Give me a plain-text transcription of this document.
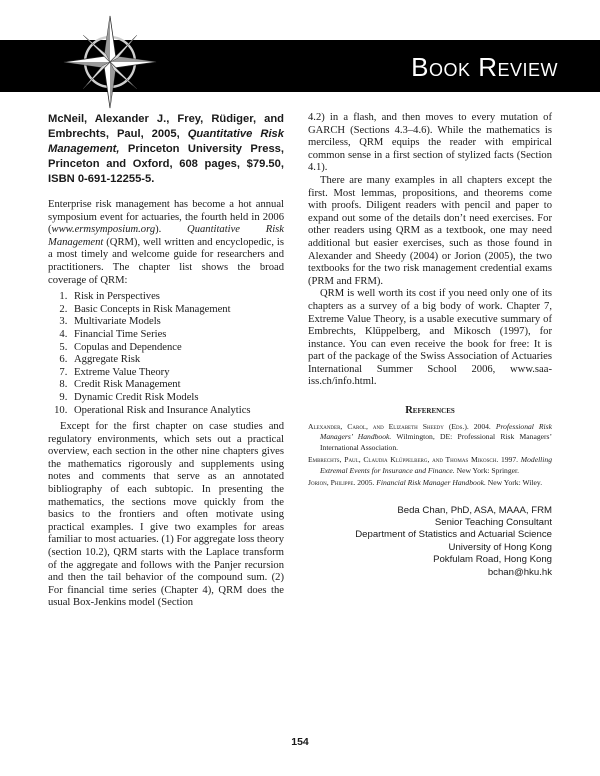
Book Review
McNeil, Alexander J., Frey, Rüdiger, and Embrechts, Paul, 2005, Quantitative Risk Management, Princeton University Press, Princeton and Oxford, 608 pages, $79.50, ISBN 0-691-12255-5.

Enterprise risk management has become a hot annual symposium event for actuaries, the fourth held in 2006 (www.ermsymposium.org). Quantitative Risk Management (QRM), well written and encyclopedic, is a most timely and welcome guide for researchers and practitioners. The chapter list shows the broad coverage of QRM:

1. Risk in Perspectives
2. Basic Concepts in Risk Management
3. Multivariate Models
4. Financial Time Series
5. Copulas and Dependence
6. Aggregate Risk
7. Extreme Value Theory
8. Credit Risk Management
9. Dynamic Credit Risk Models
10. Operational Risk and Insurance Analytics

Except for the first chapter on case studies and regulatory environments, which sets out a practical overview, each section in the other nine chapters gives the mathematics rigorously and supplements using notes and comments that serve as an annotated bibliography of each subtopic. In presenting the mathematics, the sections move quickly from the basics to the frontiers and often motivate using practical examples. I give two examples for areas familiar to most actuaries. (1) For aggregate loss theory (section 10.2), QRM starts with the Laplace transform of the aggregate and follows with the Panjer recursion and then the tail behavior of the compound sum. (2) For financial time series (Chapter 4), QRM does the usual Box-Jenkins model (Section

4.2) in a flash, and then moves to every mutation of GARCH (Sections 4.3–4.6). While the mathematics is merciless, QRM equips the reader with empirical common sense in a first section of stylized facts (Section 4.1).

There are many examples in all chapters except the first. Most lemmas, propositions, and theorems come with proofs. Diligent readers with pencil and paper to expand out some of the details don’t need exercises. For other readers using QRM as a textbook, one may need additional but easier exercises, such as those found in Alexander and Sheedy (2004) or Jorion (2005), the two textbooks for the two risk management credential exams (PRM and FRM).

QRM is well worth its cost if you need only one of its chapters as a survey of a big body of work. Chapter 7, Extreme Value Theory, is a usable executive summary of Embrechts, Klüppelberg, and Mikosch (1997), for instance. You can even receive the book for free: It is part of the package of the Swiss Association of Actuaries International Summer School 2006, www.saa-iss.ch/info.html.

References

Alexander, Carol, and Elizabeth Sheedy (Eds.). 2004. Professional Risk Managers’ Handbook. Wilmington, DE: Professional Risk Managers’ International Association.

Embrechts, Paul, Claudia Klüppelberg, and Thomas Mikosch. 1997. Modelling Extremal Events for Insurance and Finance. New York: Springer.

Jorion, Philippe. 2005. Financial Risk Manager Handbook. New York: Wiley.

Beda Chan, PhD, ASA, MAAA, FRM
Senior Teaching Consultant
Department of Statistics and Actuarial Science
University of Hong Kong
Pokfulam Road, Hong Kong
bchan@hku.hk
154
